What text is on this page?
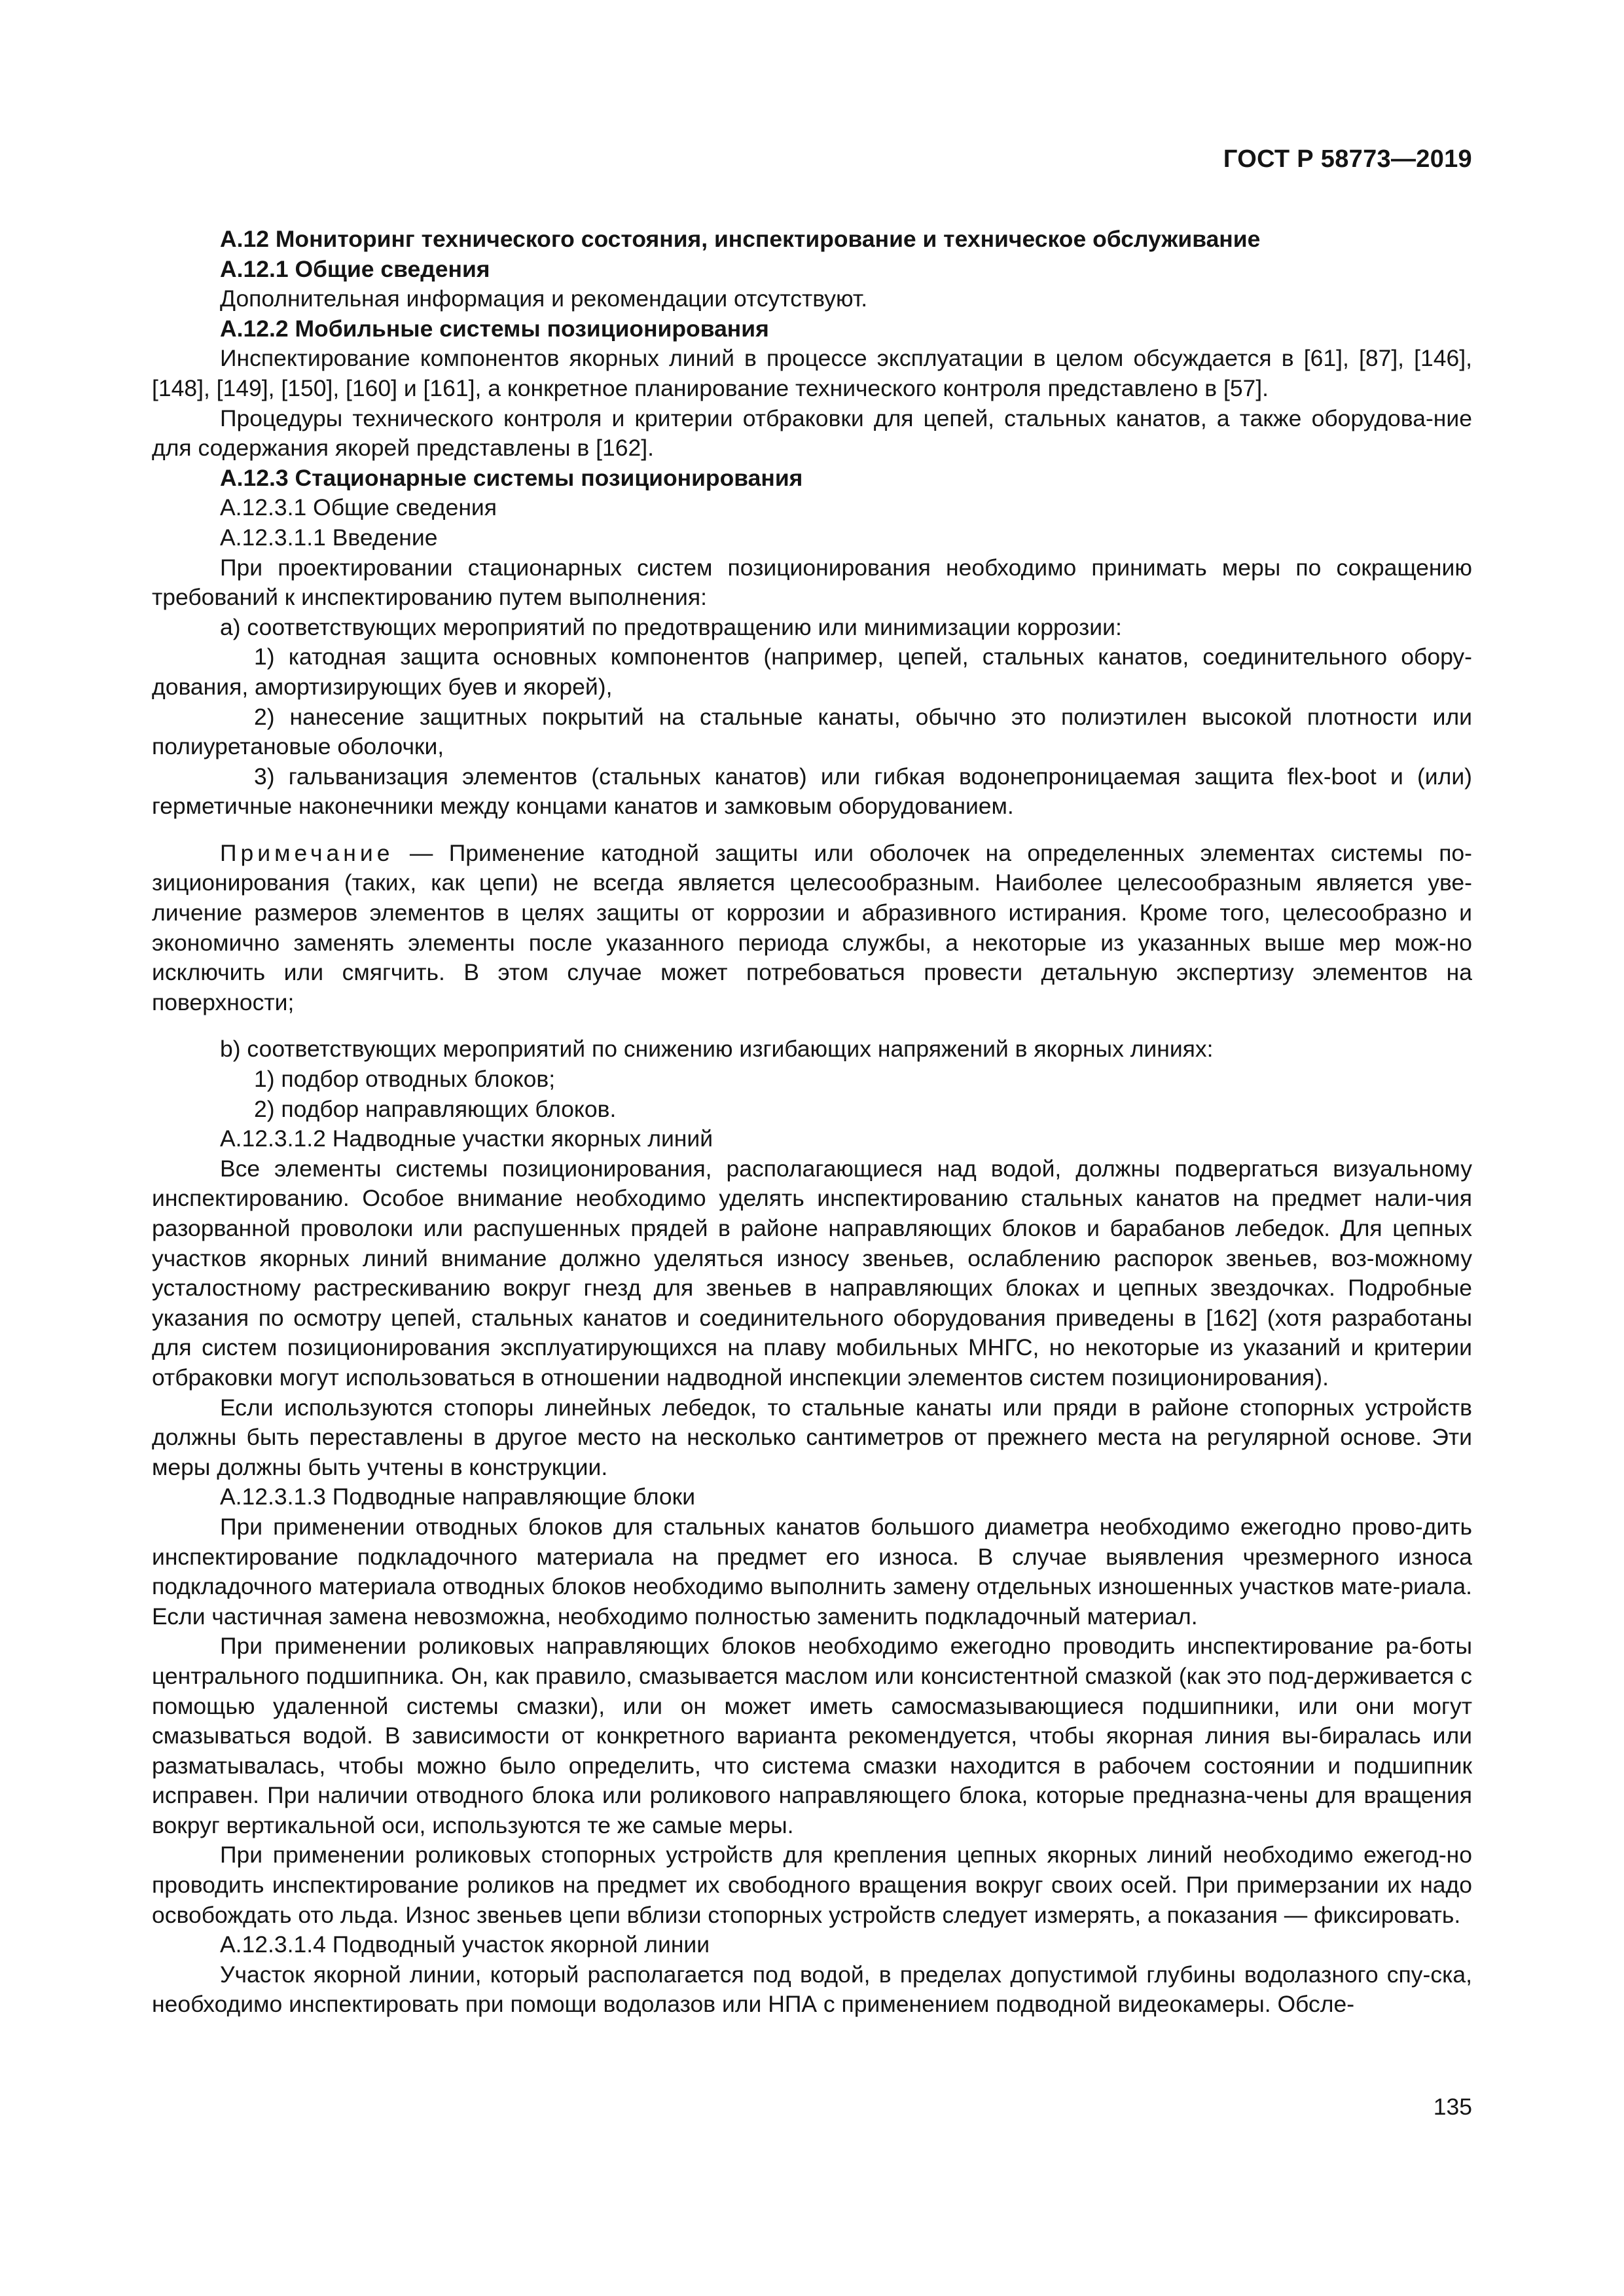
ГОСТ Р 58773—2019

А.12 Мониторинг технического состояния, инспектирование и техническое обслуживание

А.12.1 Общие сведения

Дополнительная информация и рекомендации отсутствуют.

А.12.2 Мобильные системы позиционирования

Инспектирование компонентов якорных линий в процессе эксплуатации в целом обсуждается в [61], [87], [146], [148], [149], [150], [160] и [161], а конкретное планирование технического контроля представлено в [57].

Процедуры технического контроля и критерии отбраковки для цепей, стальных канатов, а также оборудова-ние для содержания якорей представлены в [162].

А.12.3 Стационарные системы позиционирования

А.12.3.1 Общие сведения

А.12.3.1.1 Введение

При проектировании стационарных систем позиционирования необходимо принимать меры по сокращению требований к инспектированию путем выполнения:

а) соответствующих мероприятий по предотвращению или минимизации коррозии:

1) катодная защита основных компонентов (например, цепей, стальных канатов, соединительного обору-дования, амортизирующих буев и якорей),

2) нанесение защитных покрытий на стальные канаты, обычно это полиэтилен высокой плотности или полиуретановые оболочки,

3) гальванизация элементов (стальных канатов) или гибкая водонепроницаемая защита flex-boot и (или) герметичные наконечники между концами канатов и замковым оборудованием.

Примечание — Применение катодной защиты или оболочек на определенных элементах системы по-зиционирования (таких, как цепи) не всегда является целесообразным. Наиболее целесообразным является уве-личение размеров элементов в целях защиты от коррозии и абразивного истирания. Кроме того, целесообразно и экономично заменять элементы после указанного периода службы, а некоторые из указанных выше мер мож-но исключить или смягчить. В этом случае может потребоваться провести детальную экспертизу элементов на поверхности;

b) соответствующих мероприятий по снижению изгибающих напряжений в якорных линиях:

1) подбор отводных блоков;

2) подбор направляющих блоков.

А.12.3.1.2 Надводные участки якорных линий

Все элементы системы позиционирования, располагающиеся над водой, должны подвергаться визуальному инспектированию. Особое внимание необходимо уделять инспектированию стальных канатов на предмет нали-чия разорванной проволоки или распушенных прядей в районе направляющих блоков и барабанов лебедок. Для цепных участков якорных линий внимание должно уделяться износу звеньев, ослаблению распорок звеньев, воз-можному усталостному растрескиванию вокруг гнезд для звеньев в направляющих блоках и цепных звездочках. Подробные указания по осмотру цепей, стальных канатов и соединительного оборудования приведены в [162] (хотя разработаны для систем позиционирования эксплуатирующихся на плаву мобильных МНГС, но некоторые из указаний и критерии отбраковки могут использоваться в отношении надводной инспекции элементов систем позиционирования).

Если используются стопоры линейных лебедок, то стальные канаты или пряди в районе стопорных устройств должны быть переставлены в другое место на несколько сантиметров от прежнего места на регулярной основе. Эти меры должны быть учтены в конструкции.

А.12.3.1.3 Подводные направляющие блоки

При применении отводных блоков для стальных канатов большого диаметра необходимо ежегодно прово-дить инспектирование подкладочного материала на предмет его износа. В случае выявления чрезмерного износа подкладочного материала отводных блоков необходимо выполнить замену отдельных изношенных участков мате-риала. Если частичная замена невозможна, необходимо полностью заменить подкладочный материал.

При применении роликовых направляющих блоков необходимо ежегодно проводить инспектирование ра-боты центрального подшипника. Он, как правило, смазывается маслом или консистентной смазкой (как это под-держивается с помощью удаленной системы смазки), или он может иметь самосмазывающиеся подшипники, или они могут смазываться водой. В зависимости от конкретного варианта рекомендуется, чтобы якорная линия вы-биралась или разматывалась, чтобы можно было определить, что система смазки находится в рабочем состоянии и подшипник исправен. При наличии отводного блока или роликового направляющего блока, которые предназна-чены для вращения вокруг вертикальной оси, используются те же самые меры.

При применении роликовых стопорных устройств для крепления цепных якорных линий необходимо ежегод-но проводить инспектирование роликов на предмет их свободного вращения вокруг своих осей. При примерзании их надо освобождать ото льда. Износ звеньев цепи вблизи стопорных устройств следует измерять, а показания — фиксировать.

А.12.3.1.4 Подводный участок якорной линии

Участок якорной линии, который располагается под водой, в пределах допустимой глубины водолазного спу-ска, необходимо инспектировать при помощи водолазов или НПА с применением подводной видеокамеры. Обсле-

135
